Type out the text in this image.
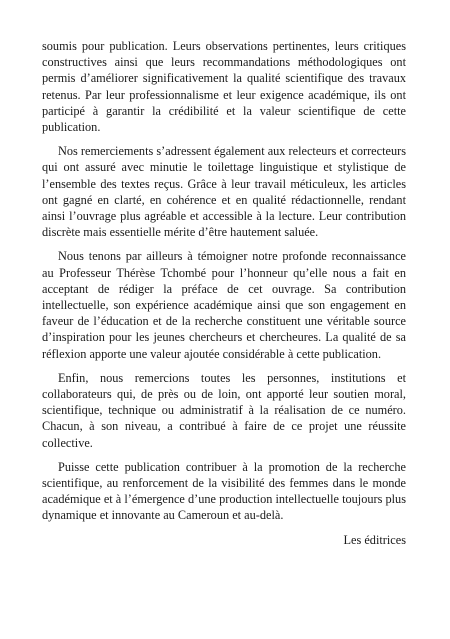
soumis pour publication. Leurs observations pertinentes, leurs critiques constructives ainsi que leurs recommandations méthodologiques ont permis d’améliorer significativement la qualité scientifique des travaux retenus. Par leur professionnalisme et leur exigence académique, ils ont participé à garantir la crédibilité et la valeur scientifique de cette publication.

Nos remerciements s’adressent également aux relecteurs et correcteurs qui ont assuré avec minutie le toilettage linguistique et stylistique de l’ensemble des textes reçus. Grâce à leur travail méticuleux, les articles ont gagné en clarté, en cohérence et en qualité rédactionnelle, rendant ainsi l’ouvrage plus agréable et accessible à la lecture. Leur contribution discrète mais essentielle mérite d’être hautement saluée.

Nous tenons par ailleurs à témoigner notre profonde reconnaissance au Professeur Thérèse Tchombé pour l’honneur qu’elle nous a fait en acceptant de rédiger la préface de cet ouvrage. Sa contribution intellectuelle, son expérience académique ainsi que son engagement en faveur de l’éducation et de la recherche constituent une véritable source d’inspiration pour les jeunes chercheurs et chercheures. La qualité de sa réflexion apporte une valeur ajoutée considérable à cette publication.

Enfin, nous remercions toutes les personnes, institutions et collaborateurs qui, de près ou de loin, ont apporté leur soutien moral, scientifique, technique ou administratif à la réalisation de ce numéro. Chacun, à son niveau, a contribué à faire de ce projet une réussite collective.

Puisse cette publication contribuer à la promotion de la recherche scientifique, au renforcement de la visibilité des femmes dans le monde académique et à l’émergence d’une production intellectuelle toujours plus dynamique et innovante au Cameroun et au-delà.

Les éditrices
